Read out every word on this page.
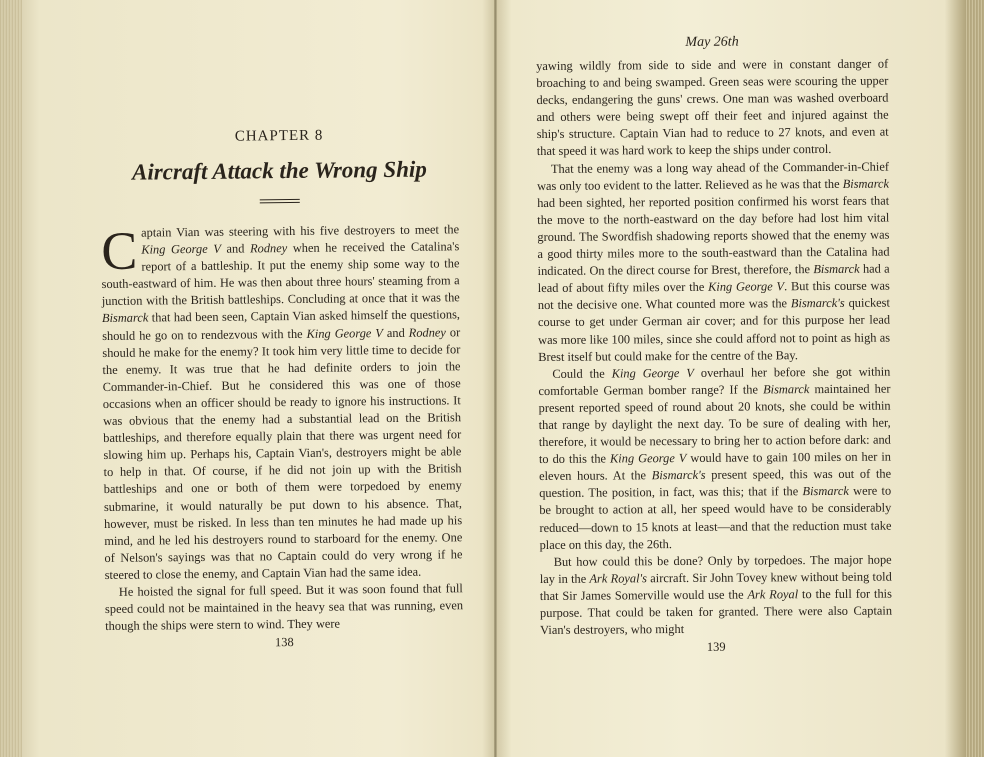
CHAPTER 8
Aircraft Attack the Wrong Ship

Captain Vian was steering with his five destroyers to meet the King George V and Rodney when he received the Catalina's report of a battleship. It put the enemy ship some way to the south-eastward of him. He was then about three hours' steaming from a junction with the British battleships. Concluding at once that it was the Bismarck that had been seen, Captain Vian asked himself the questions, should he go on to rendezvous with the King George V and Rodney or should he make for the enemy? It took him very little time to decide for the enemy. It was true that he had definite orders to join the Commander-in-Chief. But he considered this was one of those occasions when an officer should be ready to ignore his instructions. It was obvious that the enemy had a substantial lead on the British battleships, and therefore equally plain that there was urgent need for slowing him up. Perhaps his, Captain Vian's, destroyers might be able to help in that. Of course, if he did not join up with the British battleships and one or both of them were torpedoed by enemy submarine, it would naturally be put down to his absence. That, however, must be risked. In less than ten minutes he had made up his mind, and he led his destroyers round to starboard for the enemy. One of Nelson's sayings was that no Captain could do very wrong if he steered to close the enemy, and Captain Vian had the same idea.

He hoisted the signal for full speed. But it was soon found that full speed could not be maintained in the heavy sea that was running, even though the ships were stern to wind. They were

138
May 26th

yawing wildly from side to side and were in constant danger of broaching to and being swamped. Green seas were scouring the upper decks, endangering the guns' crews. One man was washed overboard and others were being swept off their feet and injured against the ship's structure. Captain Vian had to reduce to 27 knots, and even at that speed it was hard work to keep the ships under control.

That the enemy was a long way ahead of the Commander-in-Chief was only too evident to the latter. Relieved as he was that the Bismarck had been sighted, her reported position confirmed his worst fears that the move to the north-eastward on the day before had lost him vital ground. The Swordfish shadowing reports showed that the enemy was a good thirty miles more to the south-eastward than the Catalina had indicated. On the direct course for Brest, therefore, the Bismarck had a lead of about fifty miles over the King George V. But this course was not the decisive one. What counted more was the Bismarck's quickest course to get under German air cover; and for this purpose her lead was more like 100 miles, since she could afford not to point as high as Brest itself but could make for the centre of the Bay.

Could the King George V overhaul her before she got within comfortable German bomber range? If the Bismarck maintained her present reported speed of round about 20 knots, she could be within that range by daylight the next day. To be sure of dealing with her, therefore, it would be necessary to bring her to action before dark: and to do this the King George V would have to gain 100 miles on her in eleven hours. At the Bismarck's present speed, this was out of the question. The position, in fact, was this; that if the Bismarck were to be brought to action at all, her speed would have to be considerably reduced—down to 15 knots at least—and that the reduction must take place on this day, the 26th.

But how could this be done? Only by torpedoes. The major hope lay in the Ark Royal's aircraft. Sir John Tovey knew without being told that Sir James Somerville would use the Ark Royal to the full for this purpose. That could be taken for granted. There were also Captain Vian's destroyers, who might

139
